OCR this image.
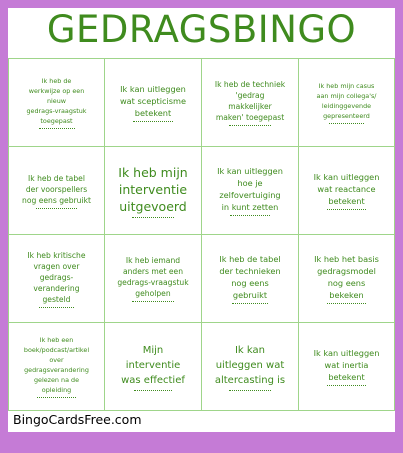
GEDRAGSBINGO
Ik heb de
werkwijze op een
nieuw
gedrags-vraagstuk
toegepast
Ik kan uitleggen
wat scepticisme
betekent
Ik heb de techniek
'gedrag
makkelijker
maken' toegepast
Ik heb mijn casus
aan mijn collega's/
leidinggevende
gepresenteerd
Ik heb de tabel
der voorspellers
nog eens gebruikt
Ik heb mijn
interventie
uitgevoerd
Ik kan uitleggen
hoe je
zelfovertuiging
in kunt zetten
Ik kan uitleggen
wat reactance
betekent
Ik heb kritische
vragen over
gedrags-
verandering
gesteld
Ik heb iemand
anders met een
gedrags-vraagstuk
geholpen
Ik heb de tabel
der technieken
nog eens
gebruikt
Ik heb het basis
gedragsmodel
nog eens
bekeken
Ik heb een
boek/podcast/artikel
over
gedragsverandering
gelezen na de
opleiding
Mijn
interventie
was effectief
Ik kan
uitleggen wat
altercasting is
Ik kan uitleggen
wat inertia
betekent
BingoCardsFree.com
